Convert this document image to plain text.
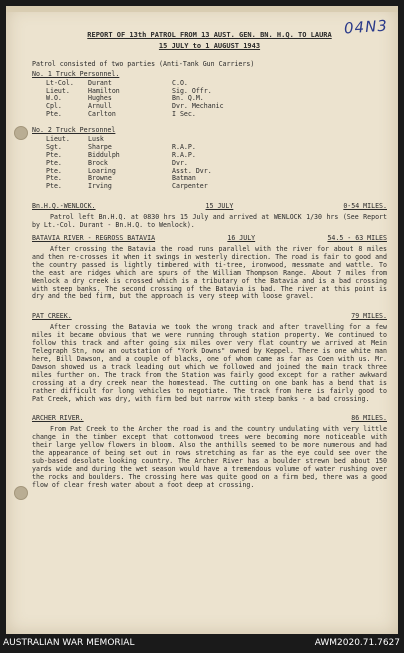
04N3
REPORT OF 13th PATROL FROM 13 AUST. GEN. BN. H.Q. TO LAURA
15 JULY to 1 AUGUST 1943
Patrol consisted of two parties (Anti-Tank Gun Carriers)
No. 1 Truck Personnel.
Lt-Col.	Durant	C.O.
Lieut.	Hamilton	Sig. Offr.
W.O.	Hughes	Bn. Q.M.
Cpl.	Arnull	Dvr. Mechanic
Pte.	Carlton	I Sec.
No. 2 Truck Personnel
Lieut.	Lusk
Sgt.	Sharpe	R.A.P.
Pte.	Biddulph	R.A.P.
Pte.	Brock	Dvr.
Pte.	Loaring	Asst. Dvr.
Pte.	Browne	Batman
Pte.	Irving	Carpenter
Bn.H.Q.-WENLOCK.	15 JULY	0-54 MILES.
Patrol left Bn.H.Q. at 0830 hrs 15 July and arrived at WENLOCK 1/30 hrs (See Report by Lt.-Col. Durant - Bn.H.Q. to Wenlock).
BATAVIA RIVER - REGROSS BATAVIA	16 JULY	54.5 - 63 MILES
After crossing the Batavia the road runs parallel with the river for about 8 miles and then re-crosses it when it swings in westerly direction. The road is fair to good and the country passed is lightly timbered with ti-tree, ironwood, messmate and wattle. To the east are ridges which are spurs of the William Thompson Range. About 7 miles from Wenlock a dry creek is crossed which is a tributary of the Batavia and is a bad crossing with steep banks. The second crossing of the Batavia is bad. The river at this point is dry and the bed firm, but the approach is very steep with loose gravel.
PAT CREEK.	79 MILES.
After crossing the Batavia we took the wrong track and after travelling for a few miles it became obvious that we were running through station property. We continued to follow this track and after going six miles over very flat country we arrived at Mein Telegraph Stn, now an outstation of "York Downs" owned by Keppel. There is one white man here, Bill Dawson, and a couple of blacks, one of whom came as far as Coen with us. Mr. Dawson showed us a track leading out which we followed and joined the main track three miles further on. The track from the Station was fairly good except for a rather awkward crossing at a dry creek near the homestead. The cutting on one bank has a bend that is rather difficult for long vehicles to negotiate. The track from here is fairly good to Pat Creek, which was dry, with firm bed but narrow with steep banks - a bad crossing.
ARCHER RIVER.	86 MILES.
From Pat Creek to the Archer the road is and the country undulating with very little change in the timber except that cottonwood trees were becoming more noticeable with their large yellow flowers in bloom. Also the anthills seemed to be more numerous and had the appearance of being set out in rows stretching as far as the eye could see over the sub-based desolate looking country. The Archer River has a boulder strewn bed about 150 yards wide and during the wet season would have a tremendous volume of water rushing over the rocks and boulders. The crossing here was quite good on a firm bed, there was a good flow of clear fresh water about a foot deep at crossing.
AUSTRALIAN WAR MEMORIAL	AWM2020.71.7627
